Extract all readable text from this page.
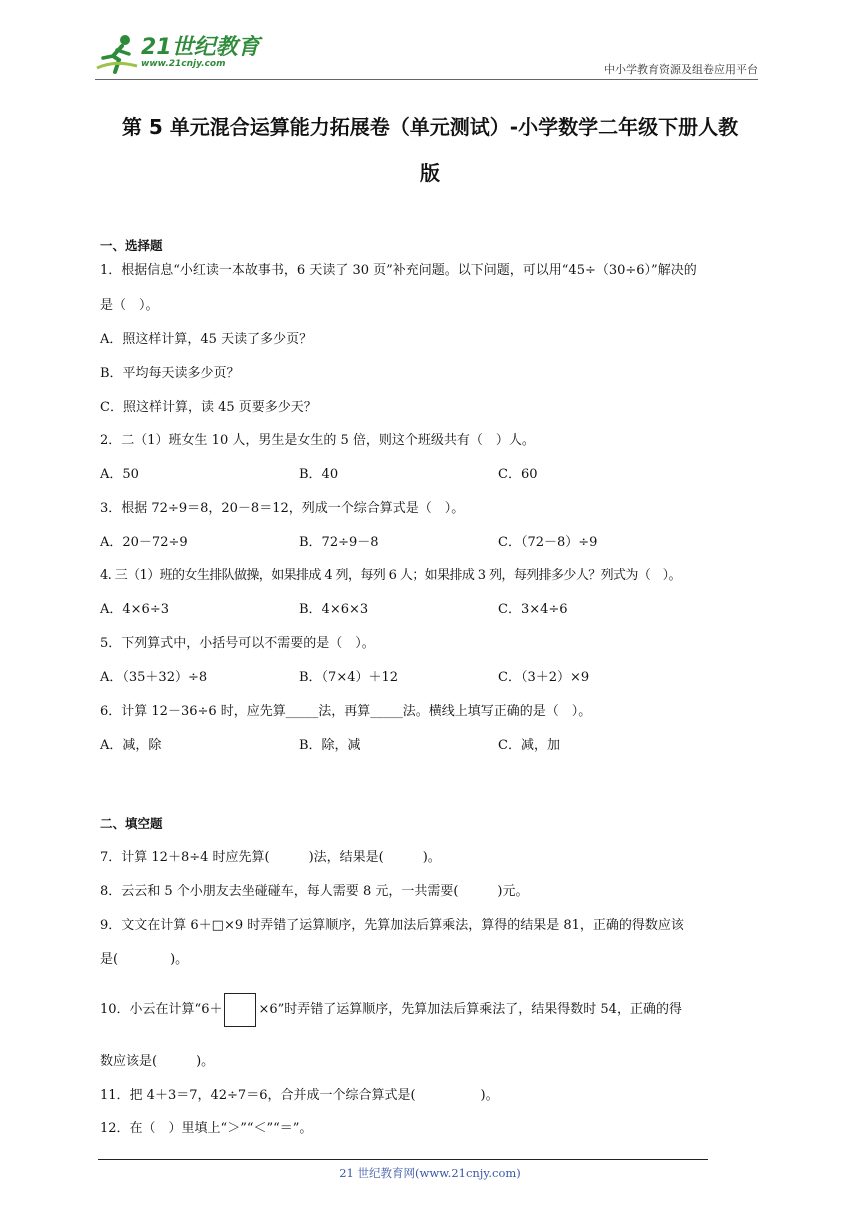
21世纪教育
www.21cnjy.com	中小学教育资源及组卷应用平台
第 5 单元混合运算能力拓展卷（单元测试）-小学数学二年级下册人教
版
一、选择题
1．根据信息“小红读一本故事书，6 天读了 30 页”补充问题。以下问题，可以用“45÷（30÷6）”解决的
是（　）。
A．照这样计算，45 天读了多少页？
B．平均每天读多少页？
C．照这样计算，读 45 页要多少天？
2．二（1）班女生 10 人，男生是女生的 5 倍，则这个班级共有（　）人。
A．50	B．40	C．60
3．根据 72÷9＝8，20－8＝12，列成一个综合算式是（　）。
A．20－72÷9	B．72÷9－8	C．（72－8）÷9
4. 三（1）班的女生排队做操，如果排成 4 列，每列 6 人；如果排成 3 列，每列排多少人？列式为（　）。
A．4×6÷3	B．4×6×3	C．3×4÷6
5．下列算式中，小括号可以不需要的是（　）。
A．（35＋32）÷8	B．（7×4）＋12	C．（3＋2）×9
6．计算 12－36÷6 时，应先算_____法，再算_____法。横线上填写正确的是（　）。
A．减，除	B．除，减	C．减，加
二、填空题
7．计算 12＋8÷4 时应先算(　　　)法，结果是(　　　)。
8．云云和 5 个小朋友去坐碰碰车，每人需要 8 元，一共需要(　　　)元。
9．文文在计算 6＋□×9 时弄错了运算顺序，先算加法后算乘法，算得的结果是 81，正确的得数应该
是(　　　　)。
10．小云在计算“6＋	×6”时弄错了运算顺序，先算加法后算乘法了，结果得数时 54，正确的得
数应该是(　　　)。
11．把 4＋3＝7，42÷7＝6，合并成一个综合算式是(　　　　　)。
12．在（　）里填上“＞”“＜”“＝”。
21 世纪教育网(www.21cnjy.com)
